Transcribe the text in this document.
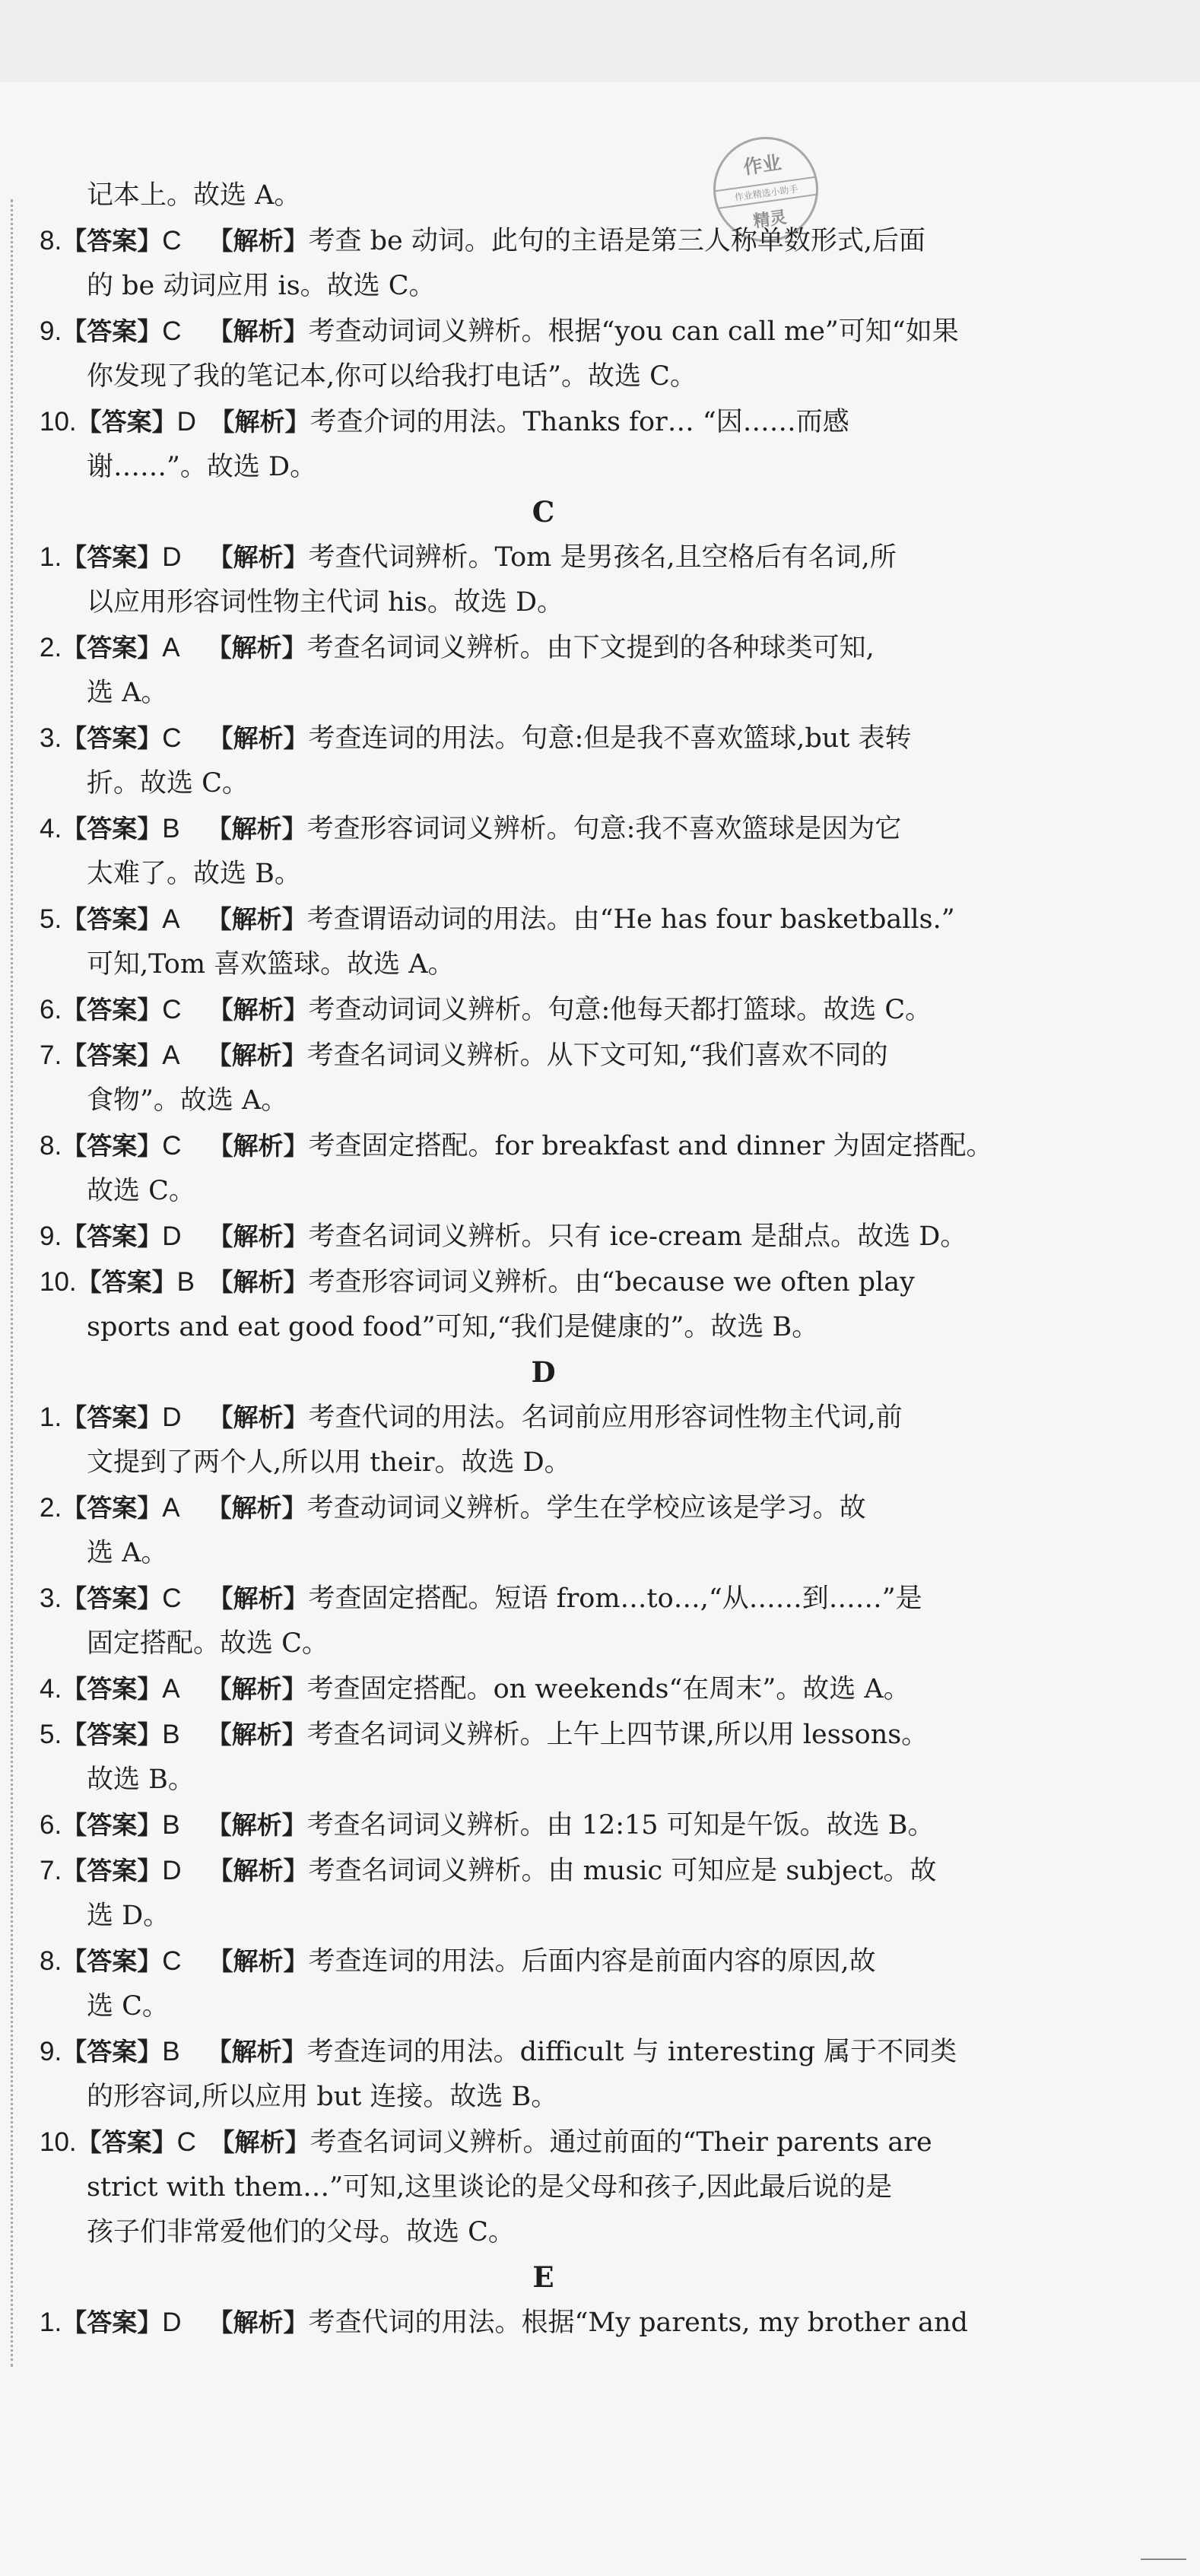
作业
作业精选小助手
精灵
记本上。故选 A。
8.【答案】C  【解析】考查 be 动词。此句的主语是第三人称单数形式,后面
的 be 动词应用 is。故选 C。
9.【答案】C  【解析】考查动词词义辨析。根据“you can call me”可知“如果
你发现了我的笔记本,你可以给我打电话”。故选 C。
10.【答案】D  【解析】考查介词的用法。Thanks for… “因……而感
谢……”。故选 D。
C
1.【答案】D  【解析】考查代词辨析。Tom 是男孩名,且空格后有名词,所
以应用形容词性物主代词 his。故选 D。
2.【答案】A  【解析】考查名词词义辨析。由下文提到的各种球类可知,
选 A。
3.【答案】C  【解析】考查连词的用法。句意:但是我不喜欢篮球,but 表转
折。故选 C。
4.【答案】B  【解析】考查形容词词义辨析。句意:我不喜欢篮球是因为它
太难了。故选 B。
5.【答案】A  【解析】考查谓语动词的用法。由“He has four basketballs.”
可知,Tom 喜欢篮球。故选 A。
6.【答案】C  【解析】考查动词词义辨析。句意:他每天都打篮球。故选 C。
7.【答案】A  【解析】考查名词词义辨析。从下文可知,“我们喜欢不同的
食物”。故选 A。
8.【答案】C  【解析】考查固定搭配。for breakfast and dinner 为固定搭配。
故选 C。
9.【答案】D  【解析】考查名词词义辨析。只有 ice-cream 是甜点。故选 D。
10.【答案】B  【解析】考查形容词词义辨析。由“because we often play
sports and eat good food”可知,“我们是健康的”。故选 B。
D
1.【答案】D  【解析】考查代词的用法。名词前应用形容词性物主代词,前
文提到了两个人,所以用 their。故选 D。
2.【答案】A  【解析】考查动词词义辨析。学生在学校应该是学习。故
选 A。
3.【答案】C  【解析】考查固定搭配。短语 from…to…,“从……到……”是
固定搭配。故选 C。
4.【答案】A  【解析】考查固定搭配。on weekends“在周末”。故选 A。
5.【答案】B  【解析】考查名词词义辨析。上午上四节课,所以用 lessons。
故选 B。
6.【答案】B  【解析】考查名词词义辨析。由 12:15 可知是午饭。故选 B。
7.【答案】D  【解析】考查名词词义辨析。由 music 可知应是 subject。故
选 D。
8.【答案】C  【解析】考查连词的用法。后面内容是前面内容的原因,故
选 C。
9.【答案】B  【解析】考查连词的用法。difficult 与 interesting 属于不同类
的形容词,所以应用 but 连接。故选 B。
10.【答案】C  【解析】考查名词词义辨析。通过前面的“Their parents are
strict with them…”可知,这里谈论的是父母和孩子,因此最后说的是
孩子们非常爱他们的父母。故选 C。
E
1.【答案】D  【解析】考查代词的用法。根据“My parents, my brother and
